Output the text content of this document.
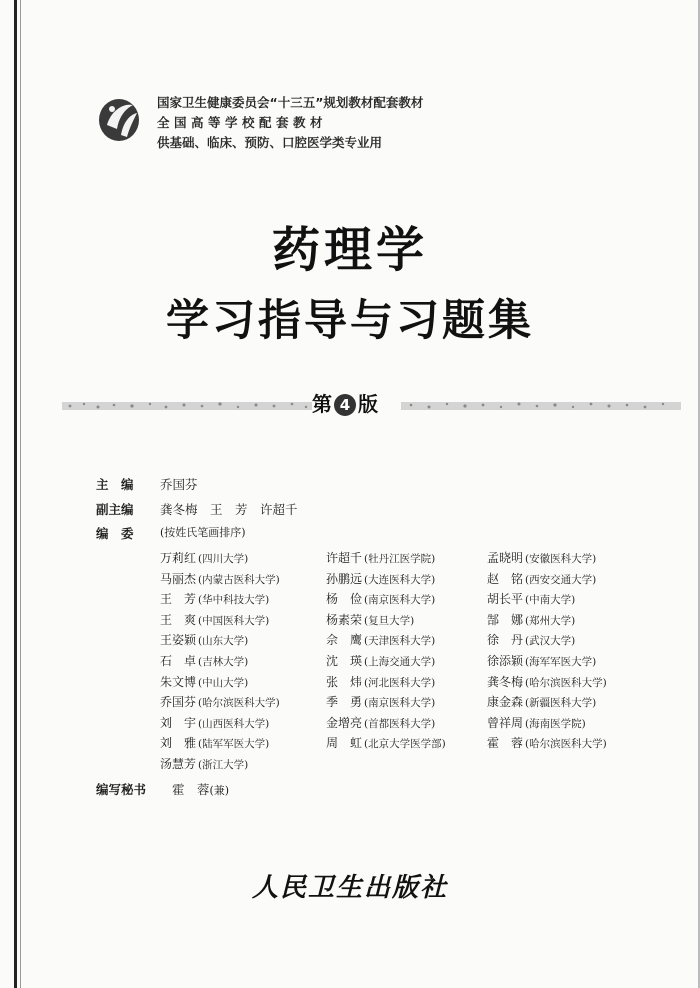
国家卫生健康委员会“十三五”规划教材配套教材
全国高等学校配套教材
供基础、临床、预防、口腔医学类专业用
药理学
学习指导与习题集
第 4 版
主　编 乔国芬
副主编 龚冬梅　王　芳　许超千
编　委 (按姓氏笔画排序)
万莉红 (四川大学)	许超千 (牡丹江医学院)	孟晓明 (安徽医科大学)
马丽杰 (内蒙古医科大学)	孙鹏远 (大连医科大学)	赵　铭 (西安交通大学)
王　芳 (华中科技大学)	杨　俭 (南京医科大学)	胡长平 (中南大学)
王　爽 (中国医科大学)	杨素荣 (复旦大学)	郜　娜 (郑州大学)
王姿颖 (山东大学)	佘　鹰 (天津医科大学)	徐　丹 (武汉大学)
石　卓 (吉林大学)	沈　瑛 (上海交通大学)	徐添颖 (海军军医大学)
朱文博 (中山大学)	张　炜 (河北医科大学)	龚冬梅 (哈尔滨医科大学)
乔国芬 (哈尔滨医科大学)	季　勇 (南京医科大学)	康金森 (新疆医科大学)
刘　宇 (山西医科大学)	金增亮 (首都医科大学)	曾祥周 (海南医学院)
刘　雅 (陆军军医大学)	周　虹 (北京大学医学部)	霍　蓉 (哈尔滨医科大学)
汤慧芳 (浙江大学)
编写秘书 霍　蓉(兼)
人民卫生出版社
